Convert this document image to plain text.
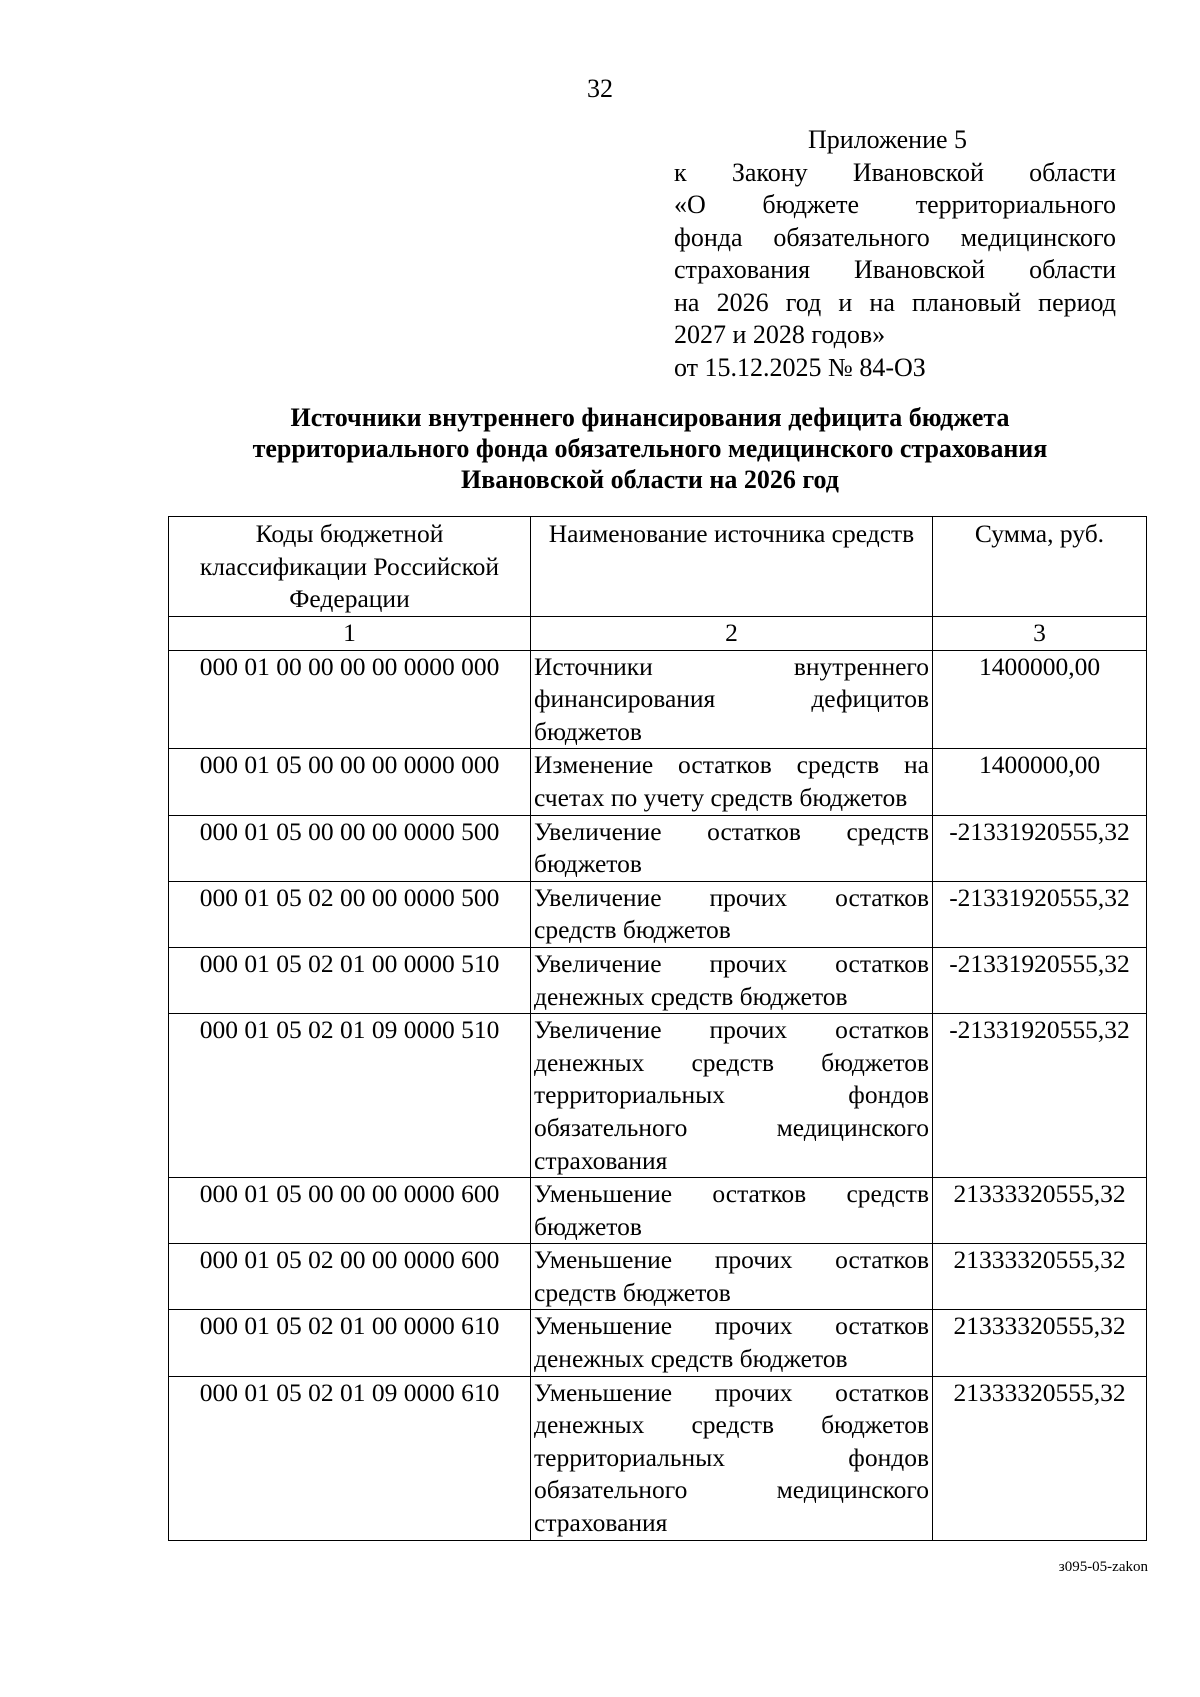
32
Приложение 5
к Закону Ивановской области
«О бюджете территориального
фонда обязательного медицинского
страхования Ивановской области
на 2026 год и на плановый период
2027 и 2028 годов»
от 15.12.2025 № 84-ОЗ
Источники внутреннего финансирования дефицита бюджета
территориального фонда обязательного медицинского страхования
Ивановской области на 2026 год
Коды бюджетной классификации Российской Федерации	Наименование источника средств	Сумма, руб.
1	2	3
000 01 00 00 00 00 0000 000	Источники внутреннего финансирования дефицитов бюджетов	1400000,00
000 01 05 00 00 00 0000 000	Изменение остатков средств на счетах по учету средств бюджетов	1400000,00
000 01 05 00 00 00 0000 500	Увеличение остатков средств бюджетов	-21331920555,32
000 01 05 02 00 00 0000 500	Увеличение прочих остатков средств бюджетов	-21331920555,32
000 01 05 02 01 00 0000 510	Увеличение прочих остатков денежных средств бюджетов	-21331920555,32
000 01 05 02 01 09 0000 510	Увеличение прочих остатков денежных средств бюджетов территориальных фондов обязательного медицинского страхования	-21331920555,32
000 01 05 00 00 00 0000 600	Уменьшение остатков средств бюджетов	21333320555,32
000 01 05 02 00 00 0000 600	Уменьшение прочих остатков средств бюджетов	21333320555,32
000 01 05 02 01 00 0000 610	Уменьшение прочих остатков денежных средств бюджетов	21333320555,32
000 01 05 02 01 09 0000 610	Уменьшение прочих остатков денежных средств бюджетов территориальных фондов обязательного медицинского страхования	21333320555,32
з095-05-zakon
